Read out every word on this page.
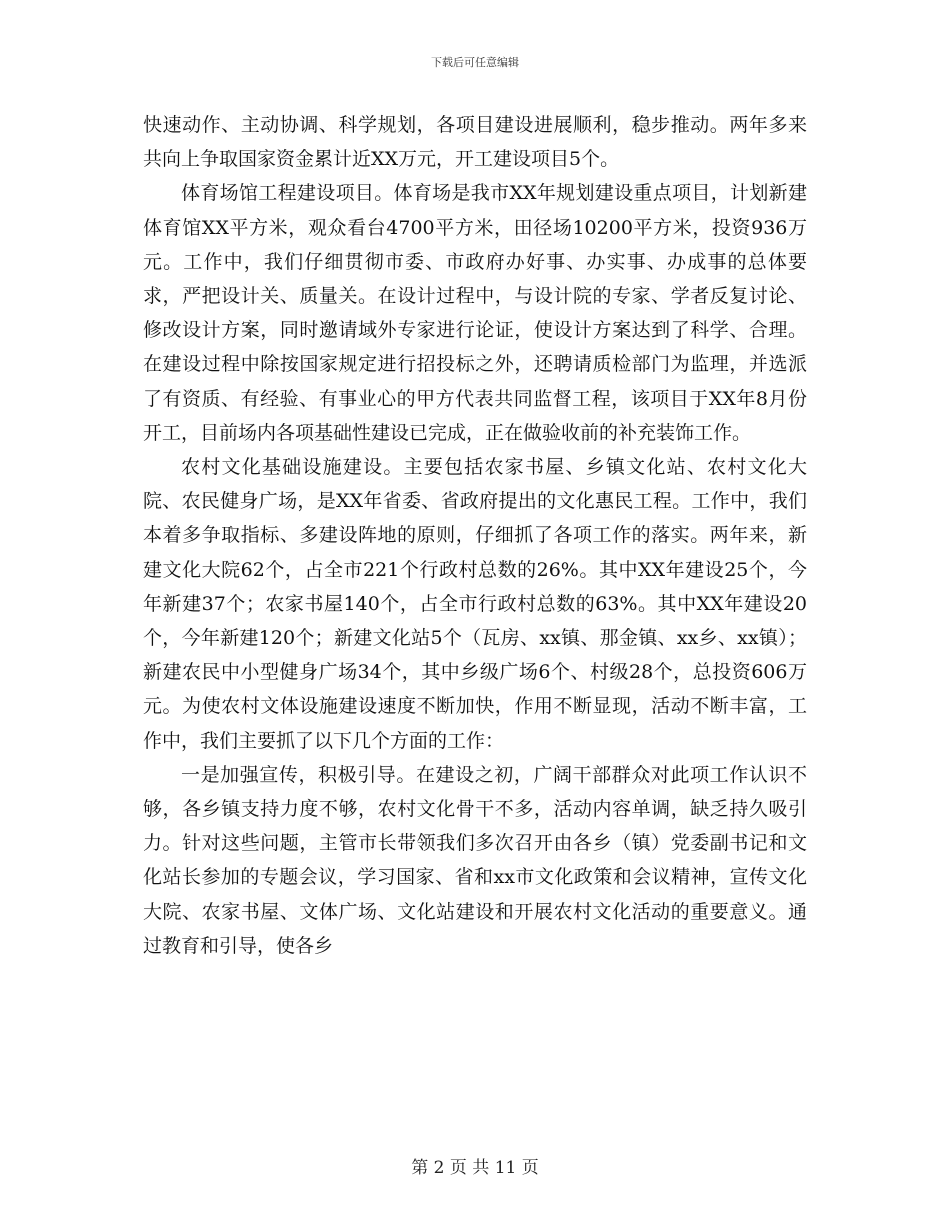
下载后可任意编辑

快速动作、主动协调、科学规划，各项目建设进展顺利，稳步推动。两年多来共向上争取国家资金累计近XX万元，开工建设项目5个。

体育场馆工程建设项目。体育场是我市XX年规划建设重点项目，计划新建体育馆XX平方米，观众看台4700平方米，田径场10200平方米，投资936万元。工作中，我们仔细贯彻市委、市政府办好事、办实事、办成事的总体要求，严把设计关、质量关。在设计过程中，与设计院的专家、学者反复讨论、修改设计方案，同时邀请域外专家进行论证，使设计方案达到了科学、合理。在建设过程中除按国家规定进行招投标之外，还聘请质检部门为监理，并选派了有资质、有经验、有事业心的甲方代表共同监督工程，该项目于XX年8月份开工，目前场内各项基础性建设已完成，正在做验收前的补充装饰工作。

农村文化基础设施建设。主要包括农家书屋、乡镇文化站、农村文化大院、农民健身广场，是XX年省委、省政府提出的文化惠民工程。工作中，我们本着多争取指标、多建设阵地的原则，仔细抓了各项工作的落实。两年来，新建文化大院62个，占全市221个行政村总数的26%。其中XX年建设25个，今年新建37个；农家书屋140个，占全市行政村总数的63%。其中XX年建设20个，今年新建120个；新建文化站5个（瓦房、xx镇、那金镇、xx乡、xx镇）；新建农民中小型健身广场34个，其中乡级广场6个、村级28个，总投资606万元。为使农村文体设施建设速度不断加快，作用不断显现，活动不断丰富，工作中，我们主要抓了以下几个方面的工作：

一是加强宣传，积极引导。在建设之初，广阔干部群众对此项工作认识不够，各乡镇支持力度不够，农村文化骨干不多，活动内容单调，缺乏持久吸引力。针对这些问题，主管市长带领我们多次召开由各乡（镇）党委副书记和文化站长参加的专题会议，学习国家、省和xx市文化政策和会议精神，宣传文化大院、农家书屋、文体广场、文化站建设和开展农村文化活动的重要意义。通过教育和引导，使各乡

第 2 页 共 11 页
